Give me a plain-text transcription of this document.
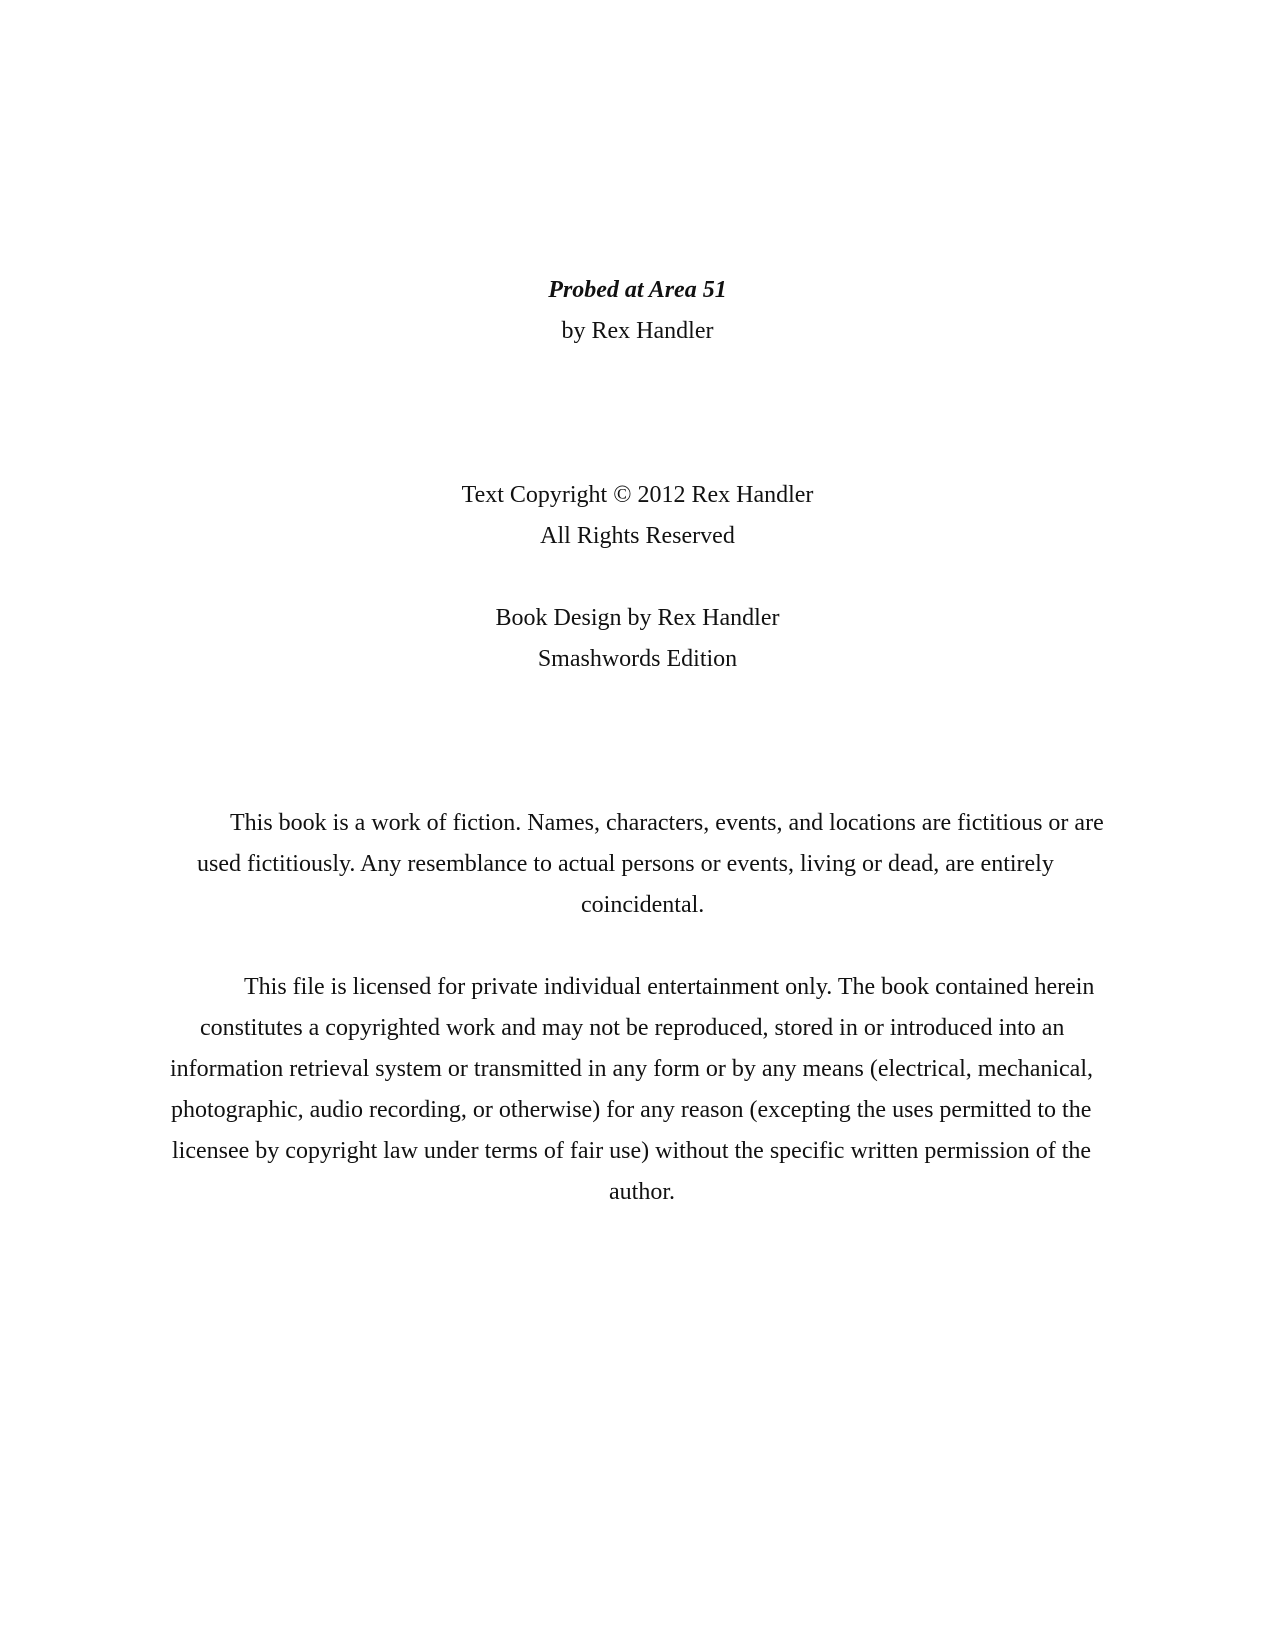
Probed at Area 51
by Rex Handler
Text Copyright © 2012 Rex Handler
All Rights Reserved
Book Design by Rex Handler
Smashwords Edition
This book is a work of fiction. Names, characters, events, and locations are fictitious or are
used fictitiously. Any resemblance to actual persons or events, living or dead, are entirely
coincidental.
This file is licensed for private individual entertainment only. The book contained herein
constitutes a copyrighted work and may not be reproduced, stored in or introduced into an
information retrieval system or transmitted in any form or by any means (electrical, mechanical,
photographic, audio recording, or otherwise) for any reason (excepting the uses permitted to the
licensee by copyright law under terms of fair use) without the specific written permission of the
author.
